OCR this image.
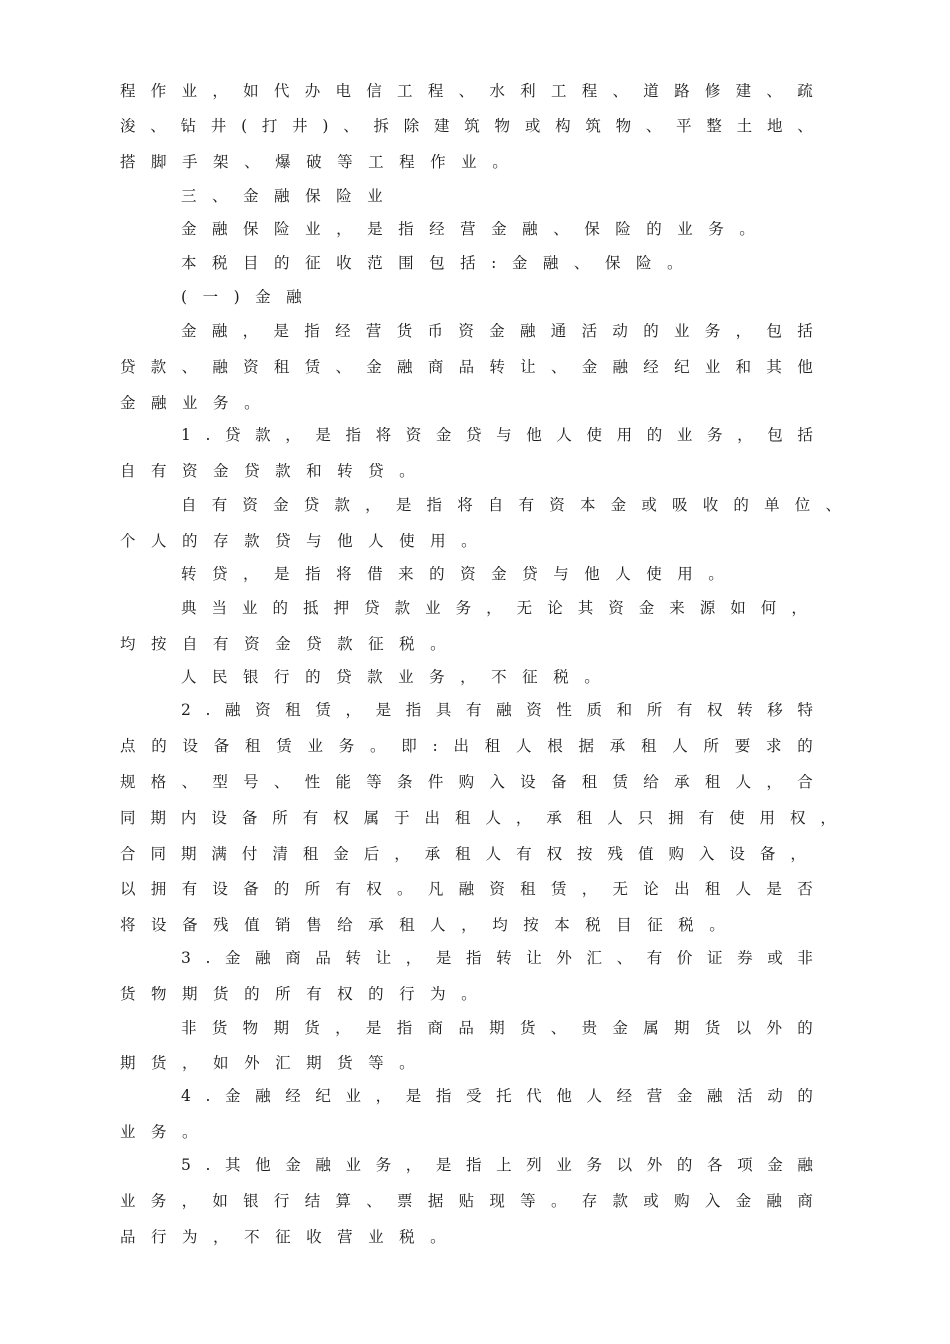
程 作 业 ， 如 代 办 电 信 工 程 、 水 利 工 程 、 道 路 修 建 、 疏
浚 、 钻 井 ( 打 井 ) 、 拆 除 建 筑 物 或 构 筑 物 、 平 整 土 地 、
搭 脚 手 架 、 爆 破 等 工 程 作 业 。
三 、 金 融 保 险 业
金 融 保 险 业 ， 是 指 经 营 金 融 、 保 险 的 业 务 。
本 税 目 的 征 收 范 围 包 括 : 金 融 、 保 险 。
( 一 ) 金 融
金 融 ， 是 指 经 营 货 币 资 金 融 通 活 动 的 业 务 ， 包 括
贷 款 、 融 资 租 赁 、 金 融 商 品 转 让 、 金 融 经 纪 业 和 其 他
金 融 业 务 。
1 . 贷 款 ， 是 指 将 资 金 贷 与 他 人 使 用 的 业 务 ， 包 括
自 有 资 金 贷 款 和 转 贷 。
自 有 资 金 贷 款 ， 是 指 将 自 有 资 本 金 或 吸 收 的 单 位 、
个 人 的 存 款 贷 与 他 人 使 用 。
转 贷 ， 是 指 将 借 来 的 资 金 贷 与 他 人 使 用 。
典 当 业 的 抵 押 贷 款 业 务 ， 无 论 其 资 金 来 源 如 何 ，
均 按 自 有 资 金 贷 款 征 税 。
人 民 银 行 的 贷 款 业 务 ， 不 征 税 。
2 . 融 资 租 赁 ， 是 指 具 有 融 资 性 质 和 所 有 权 转 移 特
点 的 设 备 租 赁 业 务 。 即 : 出 租 人 根 据 承 租 人 所 要 求 的
规 格 、 型 号 、 性 能 等 条 件 购 入 设 备 租 赁 给 承 租 人 ， 合
同 期 内 设 备 所 有 权 属 于 出 租 人 ， 承 租 人 只 拥 有 使 用 权 ，
合 同 期 满 付 清 租 金 后 ， 承 租 人 有 权 按 残 值 购 入 设 备 ，
以 拥 有 设 备 的 所 有 权 。 凡 融 资 租 赁 ， 无 论 出 租 人 是 否
将 设 备 残 值 销 售 给 承 租 人 ， 均 按 本 税 目 征 税 。
3 . 金 融 商 品 转 让 ， 是 指 转 让 外 汇 、 有 价 证 券 或 非
货 物 期 货 的 所 有 权 的 行 为 。
非 货 物 期 货 ， 是 指 商 品 期 货 、 贵 金 属 期 货 以 外 的
期 货 ， 如 外 汇 期 货 等 。
4 . 金 融 经 纪 业 ， 是 指 受 托 代 他 人 经 营 金 融 活 动 的
业 务 。
5 . 其 他 金 融 业 务 ， 是 指 上 列 业 务 以 外 的 各 项 金 融
业 务 ， 如 银 行 结 算 、 票 据 贴 现 等 。 存 款 或 购 入 金 融 商
品 行 为 ， 不 征 收 营 业 税 。
